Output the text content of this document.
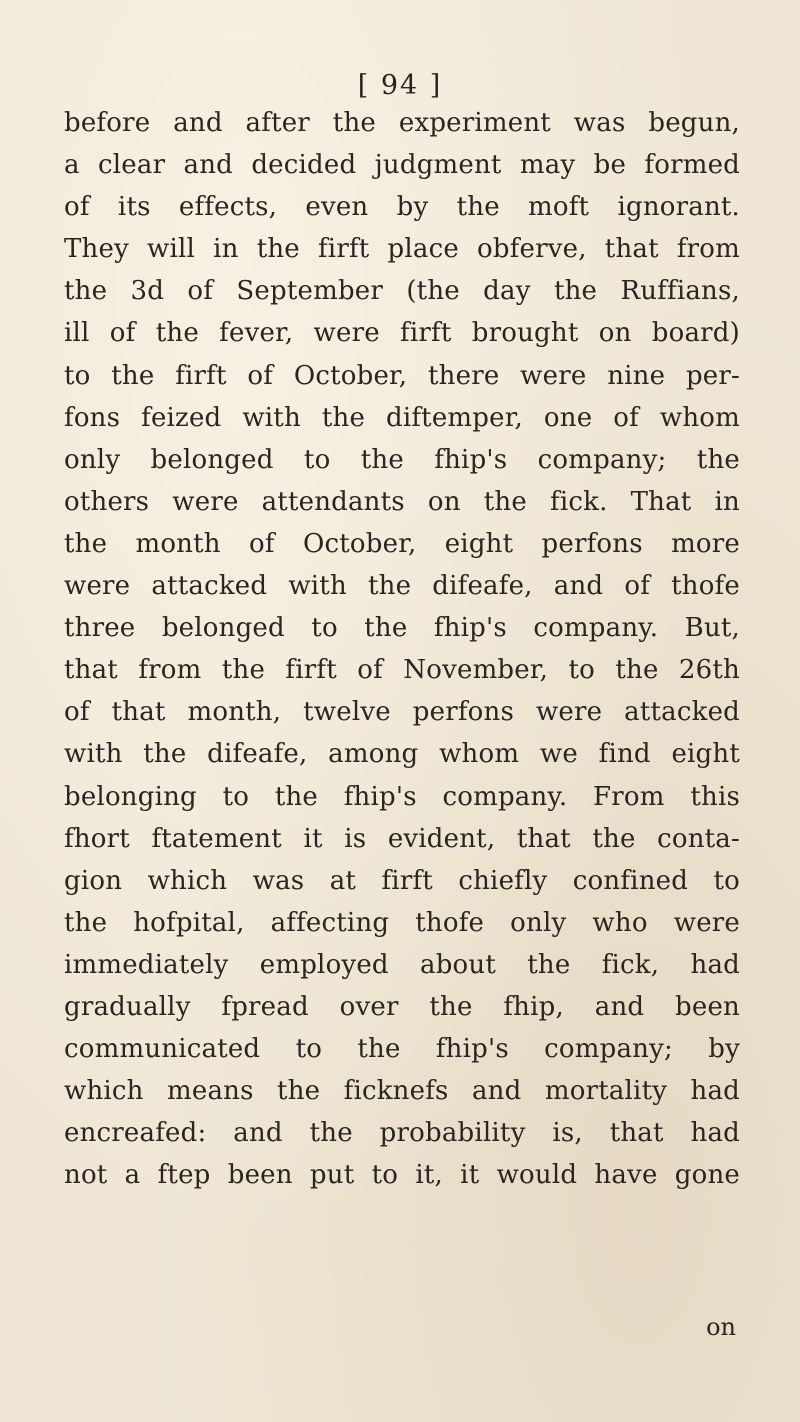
[ 94 ]
before and after the experiment was begun,
a clear and decided judgment may be formed
of its effects, even by the moft ignorant.
They will in the firft place obferve, that from
the 3d of September (the day the Ruffians,
ill of the fever, were firft brought on board)
to the firft of October, there were nine per-
fons feized with the diftemper, one of whom
only belonged to the fhip's company; the
others were attendants on the fick. That in
the month of October, eight perfons more
were attacked with the difeafe, and of thofe
three belonged to the fhip's company. But,
that from the firft of November, to the 26th
of that month, twelve perfons were attacked
with the difeafe, among whom we find eight
belonging to the fhip's company. From this
fhort ftatement it is evident, that the conta-
gion which was at firft chiefly confined to
the hofpital, affecting thofe only who were
immediately employed about the fick, had
gradually fpread over the fhip, and been
communicated to the fhip's company; by
which means the ficknefs and mortality had
encreafed: and the probability is, that had
not a ftep been put to it, it would have gone
on
